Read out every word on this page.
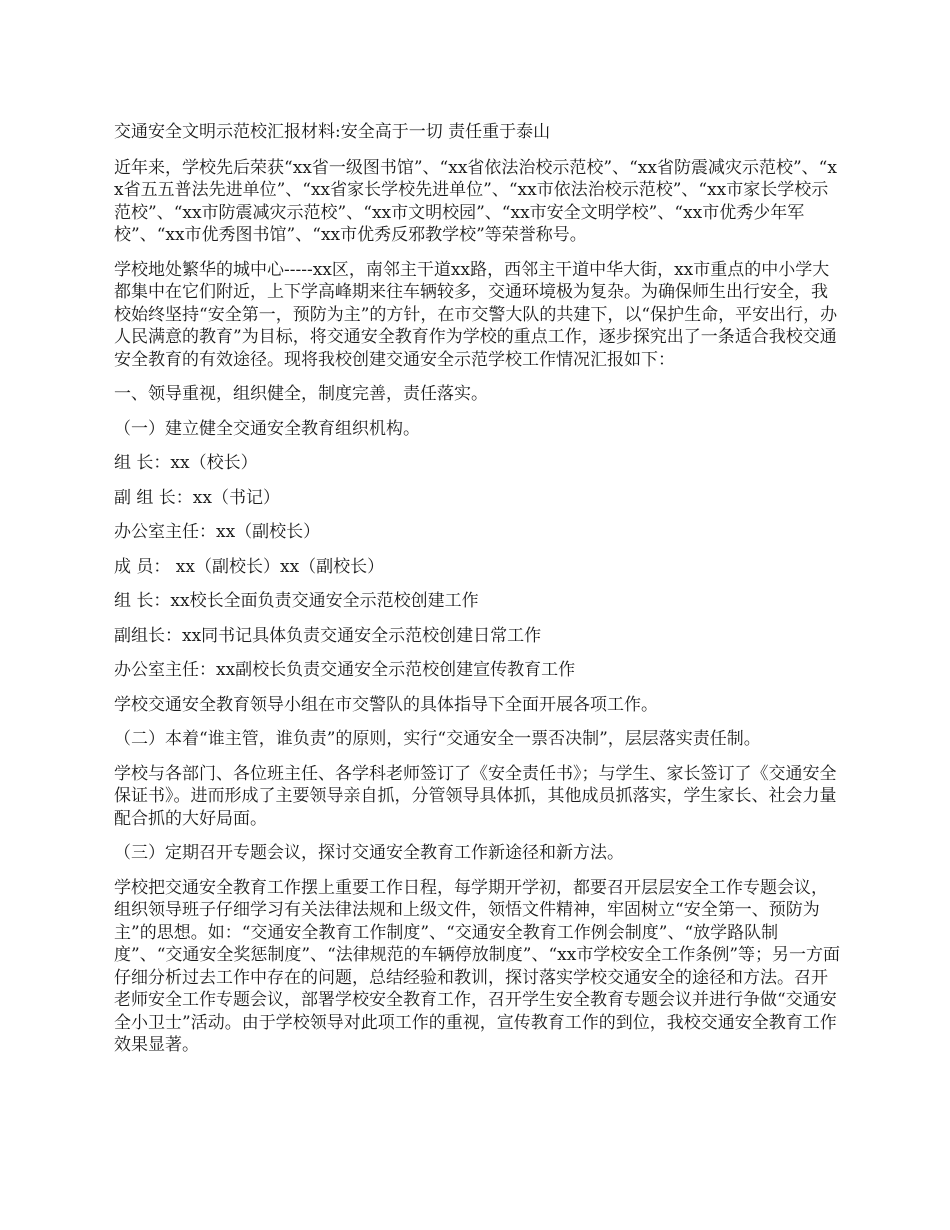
交通安全文明示范校汇报材料:安全高于一切 责任重于泰山

近年来，学校先后荣获“xx省一级图书馆”、“xx省依法治校示范校”、“xx省防震减灾示范校”、“xx省五五普法先进单位”、“xx省家长学校先进单位”、“xx市依法治校示范校”、“xx市家长学校示范校”、“xx市防震减灾示范校”、“xx市文明校园”、“xx市安全文明学校”、“xx市优秀少年军校”、“xx市优秀图书馆”、“xx市优秀反邪教学校”等荣誉称号。

学校地处繁华的城中心-----xx区，南邻主干道xx路，西邻主干道中华大街，xx市重点的中小学大都集中在它们附近，上下学高峰期来往车辆较多，交通环境极为复杂。为确保师生出行安全，我校始终坚持“安全第一，预防为主”的方针，在市交警大队的共建下，以“保护生命，平安出行，办人民满意的教育”为目标，将交通安全教育作为学校的重点工作，逐步探究出了一条适合我校交通安全教育的有效途径。现将我校创建交通安全示范学校工作情况汇报如下：

一、领导重视，组织健全，制度完善，责任落实。

（一）建立健全交通安全教育组织机构。

组 长：xx（校长）

副 组 长：xx（书记）

办公室主任：xx（副校长）

成 员： xx（副校长）xx（副校长）

组 长：xx校长全面负责交通安全示范校创建工作

副组长：xx同书记具体负责交通安全示范校创建日常工作

办公室主任：xx副校长负责交通安全示范校创建宣传教育工作

学校交通安全教育领导小组在市交警队的具体指导下全面开展各项工作。

（二）本着“谁主管，谁负责”的原则，实行“交通安全一票否决制”，层层落实责任制。

学校与各部门、各位班主任、各学科老师签订了《安全责任书》；与学生、家长签订了《交通安全保证书》。进而形成了主要领导亲自抓，分管领导具体抓，其他成员抓落实，学生家长、社会力量配合抓的大好局面。

（三）定期召开专题会议，探讨交通安全教育工作新途径和新方法。

学校把交通安全教育工作摆上重要工作日程，每学期开学初，都要召开层层安全工作专题会议，组织领导班子仔细学习有关法律法规和上级文件，领悟文件精神，牢固树立“安全第一、预防为主”的思想。如：“交通安全教育工作制度”、“交通安全教育工作例会制度”、“放学路队制度”、“交通安全奖惩制度”、“法律规范的车辆停放制度”、“xx市学校安全工作条例”等；另一方面仔细分析过去工作中存在的问题，总结经验和教训，探讨落实学校交通安全的途径和方法。召开老师安全工作专题会议，部署学校安全教育工作，召开学生安全教育专题会议并进行争做“交通安全小卫士”活动。由于学校领导对此项工作的重视，宣传教育工作的到位，我校交通安全教育工作效果显著。
